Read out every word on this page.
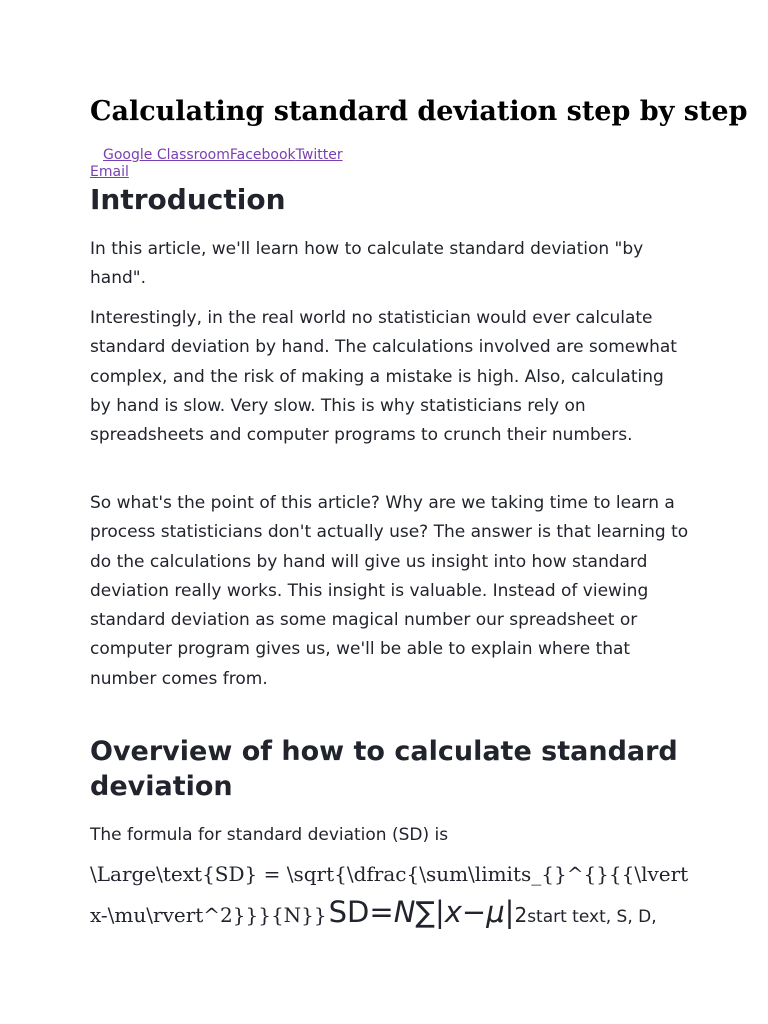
Calculating standard deviation step by step
Google ClassroomFacebookTwitter
Email
Introduction

In this article, we'll learn how to calculate standard deviation "by hand".

Interestingly, in the real world no statistician would ever calculate standard deviation by hand. The calculations involved are somewhat complex, and the risk of making a mistake is high. Also, calculating by hand is slow. Very slow. This is why statisticians rely on spreadsheets and computer programs to crunch their numbers.

So what's the point of this article? Why are we taking time to learn a process statisticians don't actually use? The answer is that learning to do the calculations by hand will give us insight into how standard deviation really works. This insight is valuable. Instead of viewing standard deviation as some magical number our spreadsheet or computer program gives us, we'll be able to explain where that number comes from.

Overview of how to calculate standard deviation

The formula for standard deviation (SD) is

\Large\text{SD} = \sqrt{\dfrac{\sum\limits_{}^{}{{\lvert
x-\mu\rvert^2}}}{N}} SD=N∑|x−μ| 2 start text, S, D,
